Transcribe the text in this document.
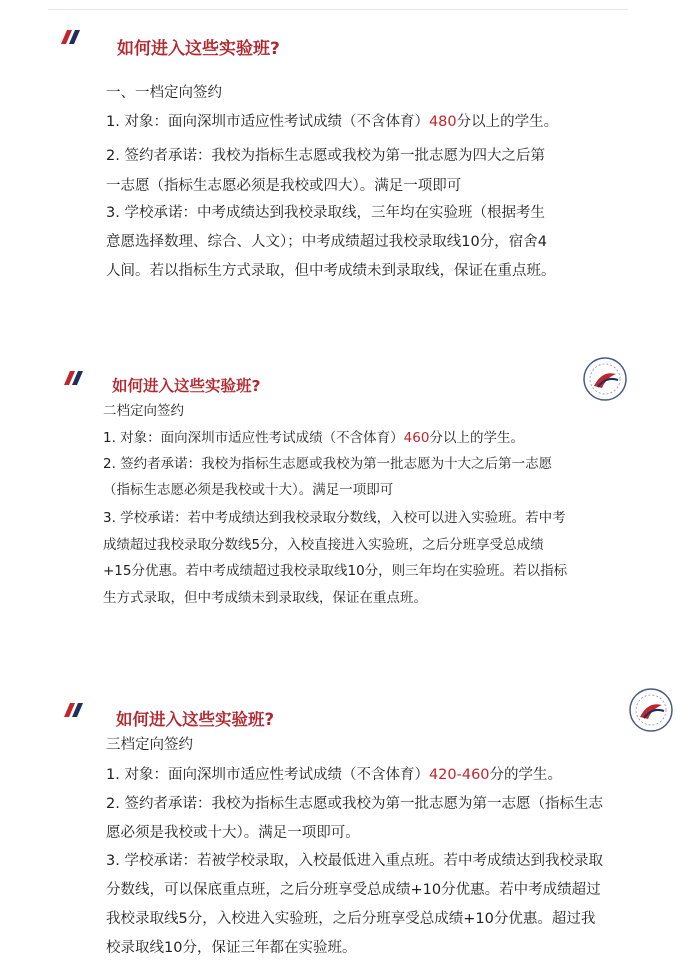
如何进入这些实验班?
一、一档定向签约
1. 对象：面向深圳市适应性考试成绩（不含体育）480分以上的学生。
2. 签约者承诺：我校为指标生志愿或我校为第一批志愿为四大之后第
一志愿（指标生志愿必须是我校或四大）。满足一项即可
3. 学校承诺：中考成绩达到我校录取线，三年均在实验班（根据考生
意愿选择数理、综合、人文）；中考成绩超过我校录取线10分，宿舍4
人间。若以指标生方式录取，但中考成绩未到录取线，保证在重点班。
如何进入这些实验班?
二档定向签约
1. 对象：面向深圳市适应性考试成绩（不含体育）460分以上的学生。
2. 签约者承诺：我校为指标生志愿或我校为第一批志愿为十大之后第一志愿
（指标生志愿必须是我校或十大）。满足一项即可
3. 学校承诺：若中考成绩达到我校录取分数线，入校可以进入实验班。若中考
成绩超过我校录取分数线5分，入校直接进入实验班，之后分班享受总成绩
+15分优惠。若中考成绩超过我校录取线10分，则三年均在实验班。若以指标
生方式录取，但中考成绩未到录取线，保证在重点班。
如何进入这些实验班?
三档定向签约
1. 对象：面向深圳市适应性考试成绩（不含体育）420-460分的学生。
2. 签约者承诺：我校为指标生志愿或我校为第一批志愿为第一志愿（指标生志
愿必须是我校或十大）。满足一项即可。
3. 学校承诺：若被学校录取，入校最低进入重点班。若中考成绩达到我校录取
分数线，可以保底重点班，之后分班享受总成绩+10分优惠。若中考成绩超过
我校录取线5分，入校进入实验班，之后分班享受总成绩+10分优惠。超过我
校录取线10分，保证三年都在实验班。
